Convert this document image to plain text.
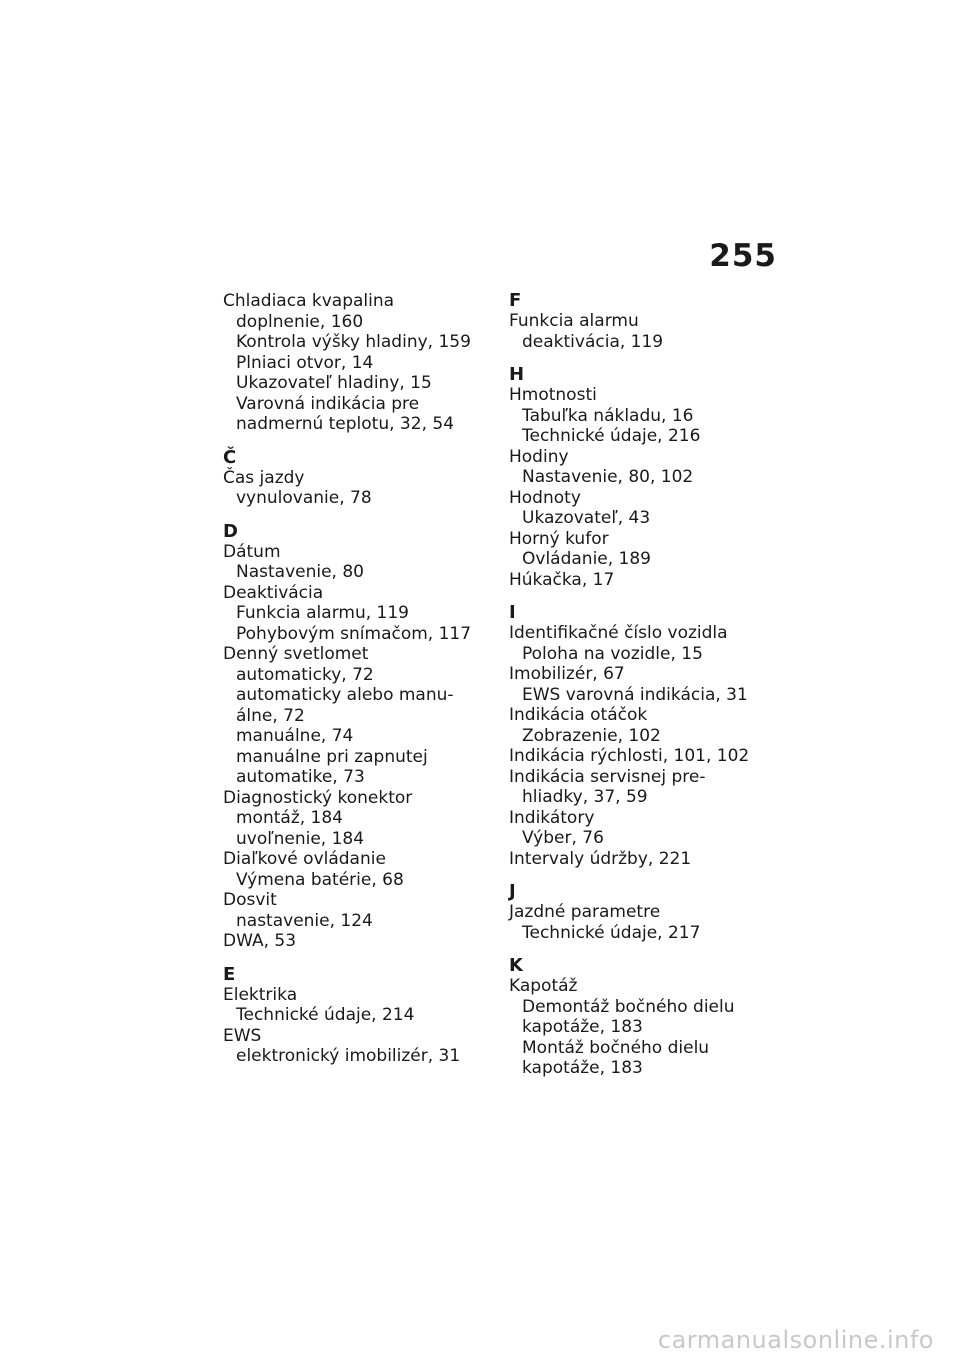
255
Chladiaca kvapalina
doplnenie, 160
Kontrola výšky hladiny, 159
Plniaci otvor, 14
Ukazovateľ hladiny, 15
Varovná indikácia pre
nadmernú teplotu, 32, 54
Č
Čas jazdy
vynulovanie, 78
D
Dátum
Nastavenie, 80
Deaktivácia
Funkcia alarmu, 119
Pohybovým snímačom, 117
Denný svetlomet
automaticky, 72
automaticky alebo manu-
álne, 72
manuálne, 74
manuálne pri zapnutej
automatike, 73
Diagnostický konektor
montáž, 184
uvoľnenie, 184
Diaľkové ovládanie
Výmena batérie, 68
Dosvit
nastavenie, 124
DWA, 53
E
Elektrika
Technické údaje, 214
EWS
elektronický imobilizér, 31
F
Funkcia alarmu
deaktivácia, 119
H
Hmotnosti
Tabuľka nákladu, 16
Technické údaje, 216
Hodiny
Nastavenie, 80, 102
Hodnoty
Ukazovateľ, 43
Horný kufor
Ovládanie, 189
Húkačka, 17
I
Identifikačné číslo vozidla
Poloha na vozidle, 15
Imobilizér, 67
EWS varovná indikácia, 31
Indikácia otáčok
Zobrazenie, 102
Indikácia rýchlosti, 101, 102
Indikácia servisnej pre-
hliadky, 37, 59
Indikátory
Výber, 76
Intervaly údržby, 221
J
Jazdné parametre
Technické údaje, 217
K
Kapotáž
Demontáž bočného dielu
kapotáže, 183
Montáž bočného dielu
kapotáže, 183
carmanualsonline.info
